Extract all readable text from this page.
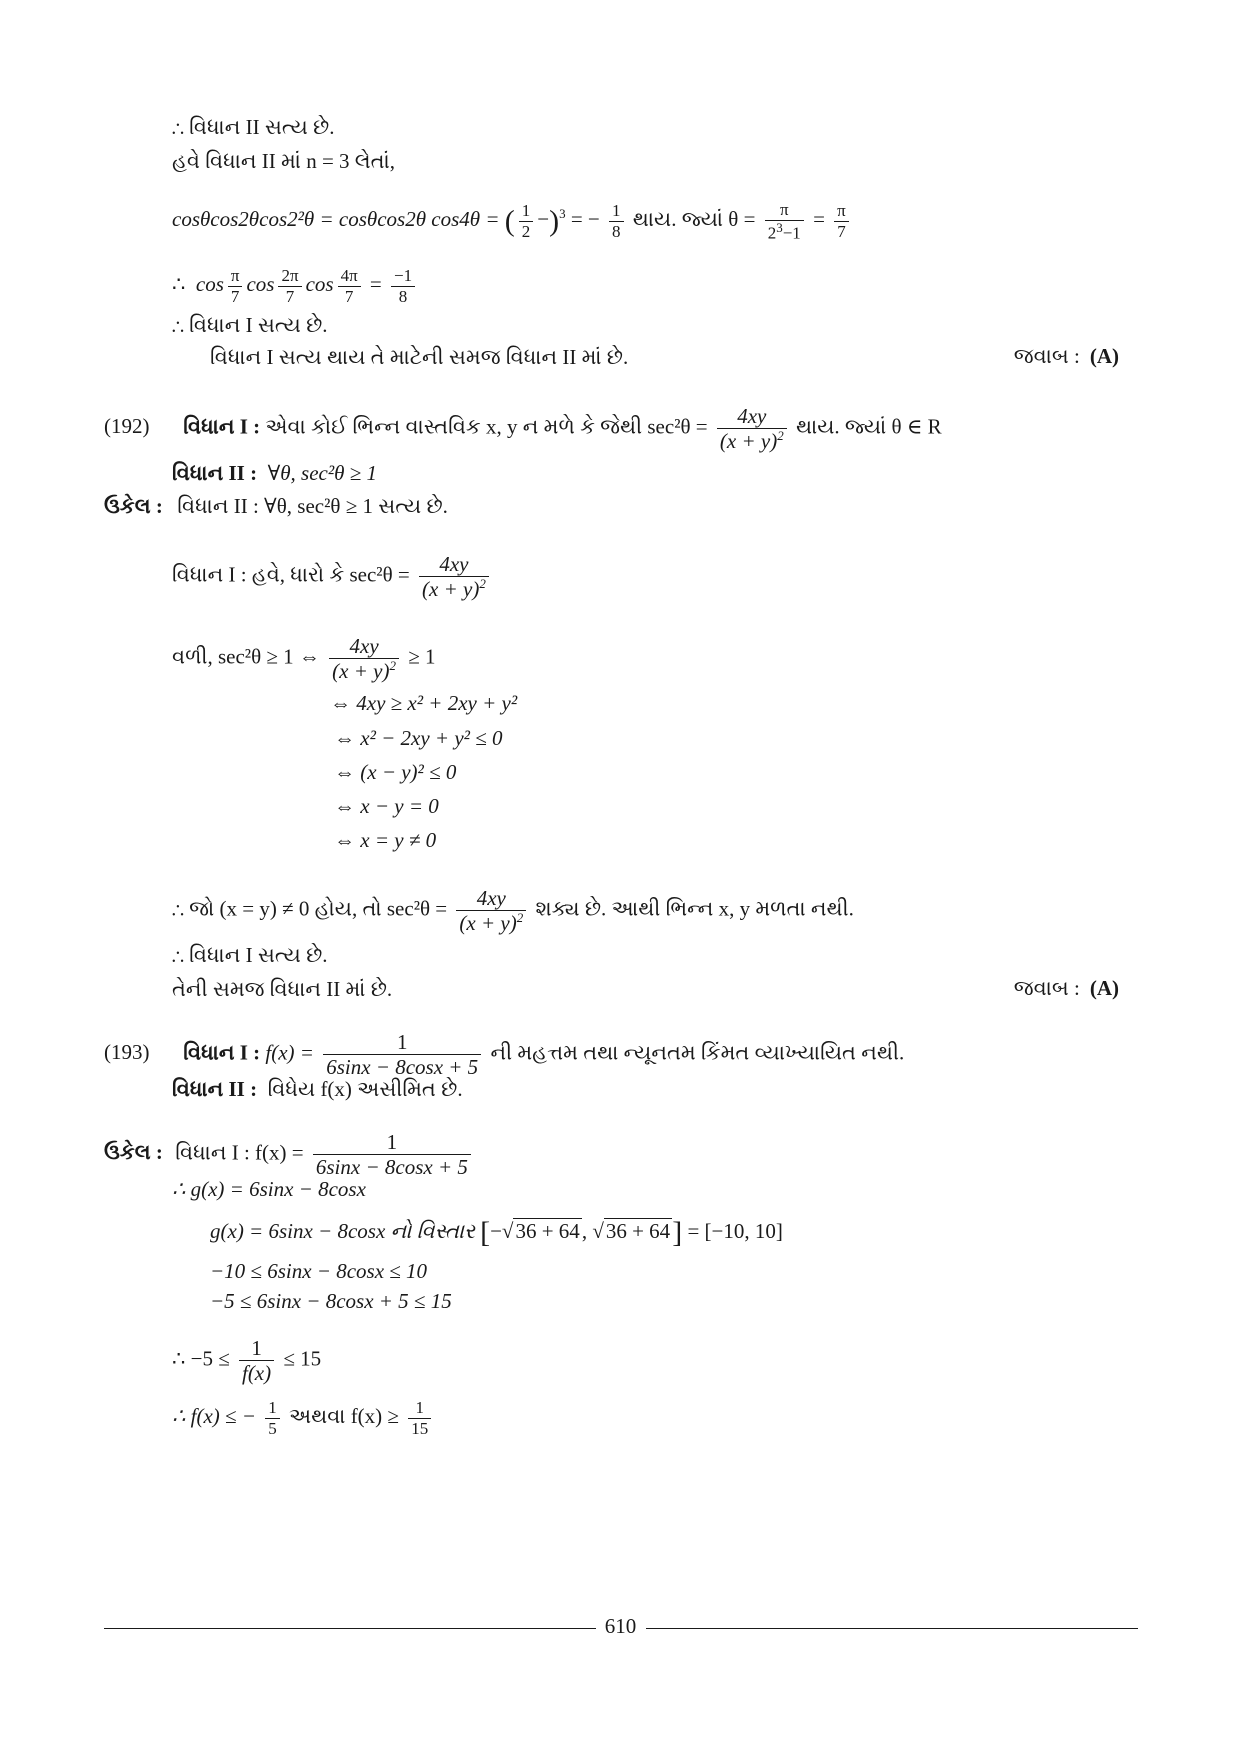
∴ વિધાન II સત્ય છે.
હવે વિધાન II માં n = 3 લેતાં,
cosθcos2θcos2²θ = cosθcos2θ cos4θ = ( $\frac{1}{2} -)^3$ = − $\frac{1}{8}$ થાય. જ્યાં $\theta = \frac{\pi}{2^3-1} = \frac{\pi}{7}$
∴  $\cos \frac{\pi}{7}$ $\cos \frac{2\pi}{7}$ $\cos \frac{4\pi}{7} = \frac{-1}{8}$
∴ વિધાન I સત્ય છે.
વિધાન I સત્ય થાય તે માટેની સમજ વિધાન II માં છે.	જવાબ : (A)
(192) વિધાન I : એવા કોઈ ભિન્ન વાસ્તવિક x, y ન મળે કે જેથી $\sec^2\theta = \frac{4xy}{(x + y)^2}$ થાય. જ્યાં θ ∈ R
વિધાન II : ∀θ, sec²θ ≥ 1
ઉકેલ : વિધાન II : ∀θ, sec²θ ≥ 1 સત્ય છે.
વિધાન I : હવે, ધારો કે $\sec^2\theta = \frac{4xy}{(x + y)^2}$
વળી, sec²θ ≥ 1 ⇔ $\frac{4xy}{(x + y)^2} \ge 1$
⇔ 4xy ≥ x² + 2xy + y²
⇔ x² − 2xy + y² ≤ 0
⇔ (x − y)² ≤ 0
⇔ x − y = 0
⇔ x = y ≠ 0
∴ જો (x = y) ≠ 0 હોય, તો $\sec^2\theta = \frac{4xy}{(x + y)^2}$ શક્ય છે. આથી ભિન્ન x, y મળતા નથી.
∴ વિધાન I સત્ય છે.
તેની સમજ વિધાન II માં છે.	જવાબ : (A)
(193) વિધાન I : $f(x) = \frac{1}{6\sin x - 8\cos x + 5}$ ની મહત્તમ તથા ન્યૂનતમ કિંમત વ્યાખ્યાયિત નથી.
વિધાન II : વિધેય f(x) અસીમિત છે.
ઉકેલ : વિધાન I : $f(x) = \frac{1}{6\sin x - 8\cos x + 5}$
∴ g(x) = 6sinx − 8cosx
g(x) = 6sinx − 8cosx નો વિસ્તાર [−√36 + 64, √36 + 64] = [−10, 10]
−10 ≤ 6sinx − 8cosx ≤ 10
−5 ≤ 6sinx − 8cosx + 5 ≤ 15
∴ $-5 \le \frac{1}{f(x)} \le 15$
∴ f(x) ≤ − $\frac{1}{5}$ અથવા $f(x) \ge \frac{1}{15}$
610
